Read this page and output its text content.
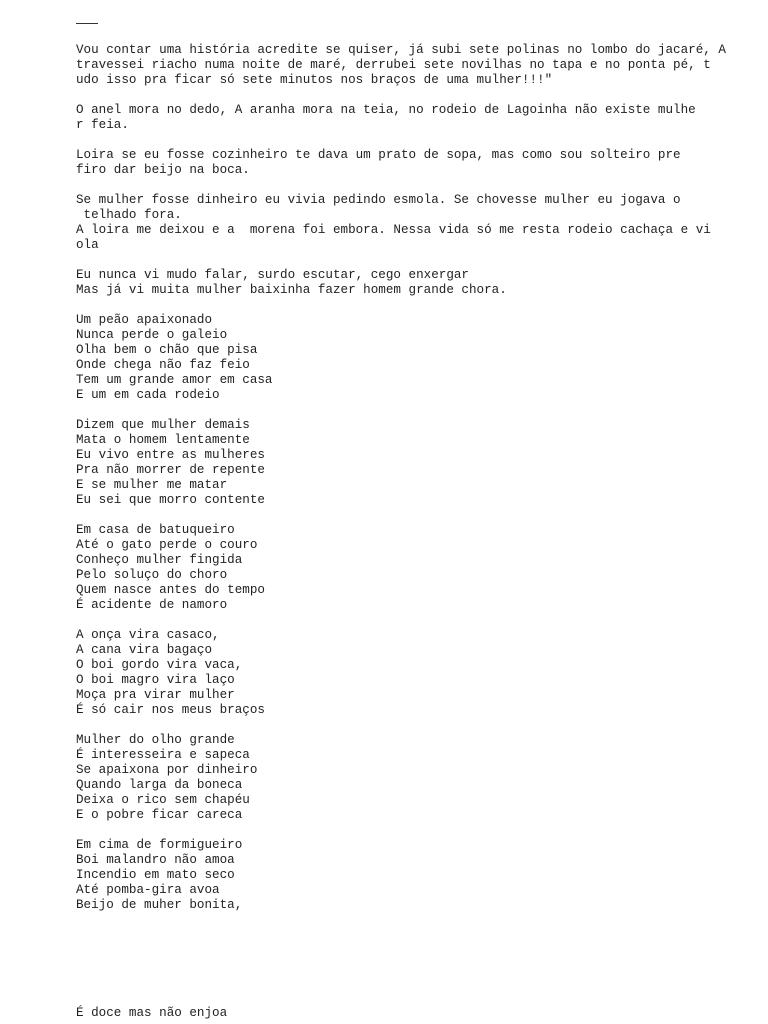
Vou contar uma história acredite se quiser, já subi sete polinas no lombo do jacaré, A
travessei riacho numa noite de maré, derrubei sete novilhas no tapa e no ponta pé, t
udo isso pra ficar só sete minutos nos braços de uma mulher!!!"
O anel mora no dedo, A aranha mora na teia, no rodeio de Lagoinha não existe mulhe
r feia.
Loira se eu fosse cozinheiro te dava um prato de sopa, mas como sou solteiro pre
firo dar beijo na boca.
Se mulher fosse dinheiro eu vivia pedindo esmola. Se chovesse mulher eu jogava o
telhado fora.
A loira me deixou e a  morena foi embora. Nessa vida só me resta rodeio cachaça e vi
ola
Eu nunca vi mudo falar, surdo escutar, cego enxergar
Mas já vi muita mulher baixinha fazer homem grande chora.
Um peão apaixonado
Nunca perde o galeio
Olha bem o chão que pisa
Onde chega não faz feio
Tem um grande amor em casa
E um em cada rodeio
Dizem que mulher demais
Mata o homem lentamente
Eu vivo entre as mulheres
Pra não morrer de repente
E se mulher me matar
Eu sei que morro contente
Em casa de batuqueiro
Até o gato perde o couro
Conheço mulher fingida
Pelo soluço do choro
Quem nasce antes do tempo
É acidente de namoro
A onça vira casaco,
A cana vira bagaço
O boi gordo vira vaca,
O boi magro vira laço
Moça pra virar mulher
É só cair nos meus braços
Mulher do olho grande
É interesseira e sapeca
Se apaixona por dinheiro
Quando larga da boneca
Deixa o rico sem chapéu
E o pobre ficar careca
Em cima de formigueiro
Boi malandro não amoa
Incendio em mato seco
Até pomba-gira avoa
Beijo de muher bonita,
É doce mas não enjoa
